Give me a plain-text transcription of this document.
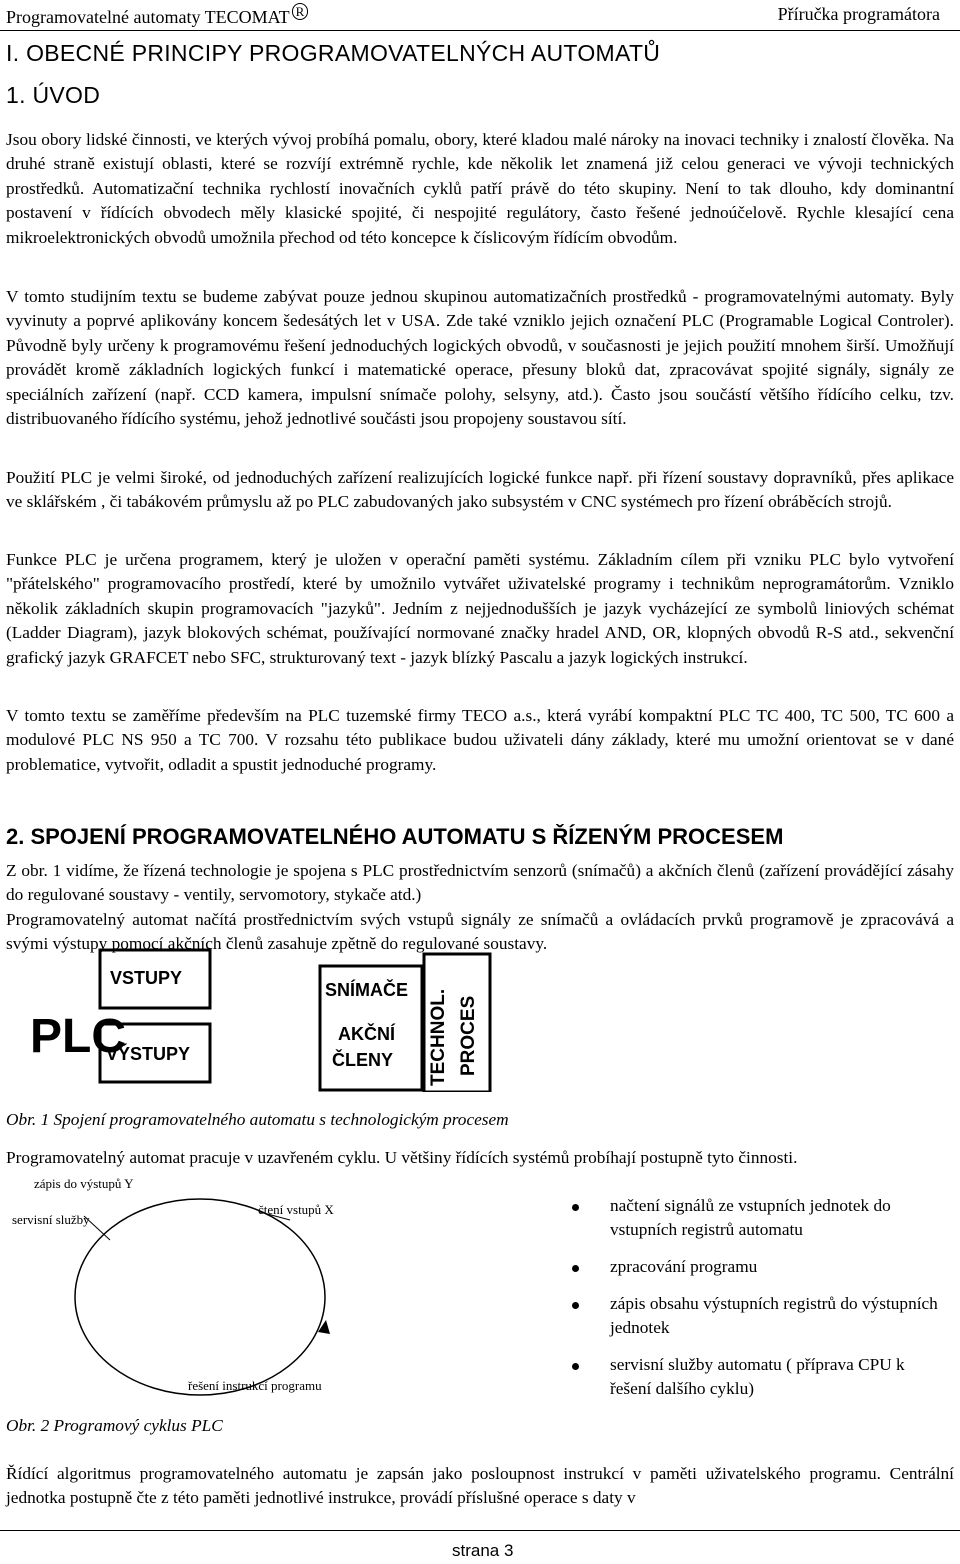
Programovatelné automaty TECOMAT $^R$	Příručka programátora
I. OBECNÉ PRINCIPY PROGRAMOVATELNÝCH AUTOMATŮ
1. ÚVOD
Jsou obory lidské činnosti, ve kterých vývoj probíhá pomalu, obory, které kladou malé nároky na inovaci techniky i znalostí člověka. Na druhé straně existují oblasti, které se rozvíjí extrémně rychle, kde několik let znamená již celou generaci ve vývoji technických prostředků. Automatizační technika rychlostí inovačních cyklů patří právě do této skupiny. Není to tak dlouho, kdy dominantní postavení v řídících obvodech měly klasické spojité, či nespojité regulátory, často řešené jednoúčelově. Rychle klesající cena mikroelektronických obvodů umožnila přechod od této koncepce k číslicovým řídícím obvodům.
V tomto studijním textu se budeme zabývat pouze jednou skupinou automatizačních prostředků - programovatelnými automaty. Byly vyvinuty a poprvé aplikovány koncem šedesátých let v USA. Zde také vzniklo jejich označení PLC (Programable Logical Controler). Původně byly určeny k programovému řešení jednoduchých logických obvodů, v současnosti je jejich použití mnohem širší. Umožňují provádět kromě základních logických funkcí i matematické operace, přesuny bloků dat, zpracovávat spojité signály, signály ze speciálních zařízení (např. CCD kamera, impulsní snímače polohy, selsyny, atd.). Často jsou součástí většího řídícího celku, tzv. distribuovaného řídícího systému, jehož jednotlivé součásti jsou propojeny soustavou sítí.
Použití PLC je velmi široké, od jednoduchých zařízení realizujících logické funkce např. při řízení soustavy dopravníků, přes aplikace ve sklářském , či tabákovém průmyslu až po PLC zabudovaných jako subsystém v CNC systémech pro řízení obráběcích strojů.
Funkce PLC je určena programem, který je uložen v operační paměti systému. Základním cílem při vzniku PLC bylo vytvoření "přátelského" programovacího prostředí, které by umožnilo vytvářet uživatelské programy i technikům neprogramátorům. Vzniklo několik základních skupin programovacích "jazyků". Jedním z nejjednodušších je jazyk vycházející ze symbolů liniových schémat (Ladder Diagram), jazyk blokových schémat, používající normované značky hradel AND, OR, klopných obvodů R-S atd., sekvenční grafický jazyk GRAFCET nebo SFC, strukturovaný text - jazyk blízký Pascalu a jazyk logických instrukcí.
V tomto textu se zaměříme především na PLC tuzemské firmy TECO a.s., která vyrábí kompaktní PLC TC 400, TC 500, TC 600 a modulové PLC NS 950 a TC 700. V rozsahu této publikace budou uživateli dány základy, které mu umožní orientovat se v dané problematice, vytvořit, odladit a spustit jednoduché programy.
2. SPOJENÍ PROGRAMOVATELNÉHO AUTOMATU S ŘÍZENÝM PROCESEM
Z obr. 1 vidíme, že řízená technologie je spojena s PLC prostřednictvím senzorů (snímačů) a akčních členů (zařízení provádějící zásahy do regulované soustavy - ventily, servomotory, stykače atd.)
Programovatelný automat načítá prostřednictvím svých vstupů signály ze snímačů a ovládacích prvků programově je zpracovává a svými výstupy pomocí akčních členů zasahuje zpětně do regulované soustavy.
PLC
VSTUPY
VÝSTUPY
SNÍMAČE
AKČNÍ
ČLENY TECHNOL. PROCES
Obr. 1 Spojení programovatelného automatu s technologickým procesem
Programovatelný automat pracuje v uzavřeném cyklu. U většiny řídících systémů probíhají postupně tyto činnosti.
zápis do výstupů Y
servisní služby
čtení vstupů X
řešení instrukcí programu
Obr. 2 Programový cyklus PLC
načtení signálů ze vstupních jednotek do vstupních registrů automatu
zpracování programu
zápis obsahu výstupních registrů do výstupních jednotek
servisní služby automatu ( příprava CPU k řešení dalšího cyklu)
Řídící algoritmus programovatelného automatu je zapsán jako posloupnost instrukcí v paměti uživatelského programu. Centrální jednotka postupně čte z této paměti jednotlivé instrukce, provádí příslušné operace s daty v
strana 3
